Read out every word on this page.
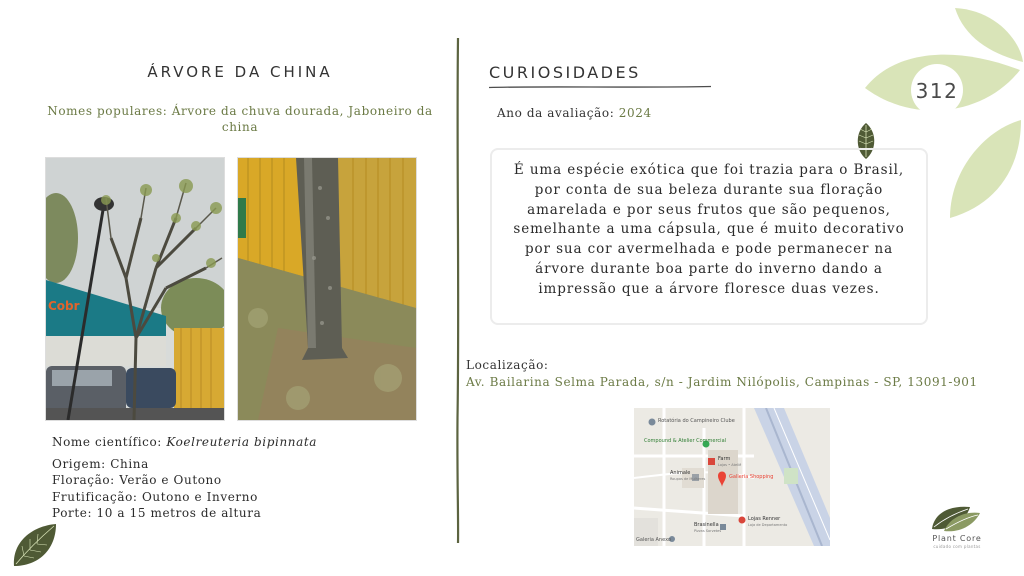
312
ÁRVORE DA CHINA
Nomes populares: Árvore da chuva dourada, Jaboneiro da china
Cobr
Nome científico: Koelreuteria bipinnata
Origem: China
Floração: Verão e Outono
Frutificação: Outono e Inverno
Porte: 10 a 15 metros de altura
CURIOSIDADES
Ano da avaliação: 2024
É uma espécie exótica que foi trazia para o Brasil, por conta de sua beleza durante sua floração amarelada e por seus frutos que são pequenos, semelhante a uma cápsula, que é muito decorativo por sua cor avermelhada e pode permanecer na árvore durante boa parte do inverno dando a impressão que a árvore floresce duas vezes.
Localização:
Av. Bailarina Selma Parada, s/n - Jardim Nilópolis, Campinas - SP, 13091-901
Rotatória do Campineiro Clube
Compound & Atelier Commercial
Farm
Lojas • Ateliê
Galleria Shopping
Animale
Roupas de Mulheres
Lojas Renner
Loja de Departamento
Brasinella
Pizzas Sorvetes
Galeria Anexo	Plant Core
cuidado com plantas
